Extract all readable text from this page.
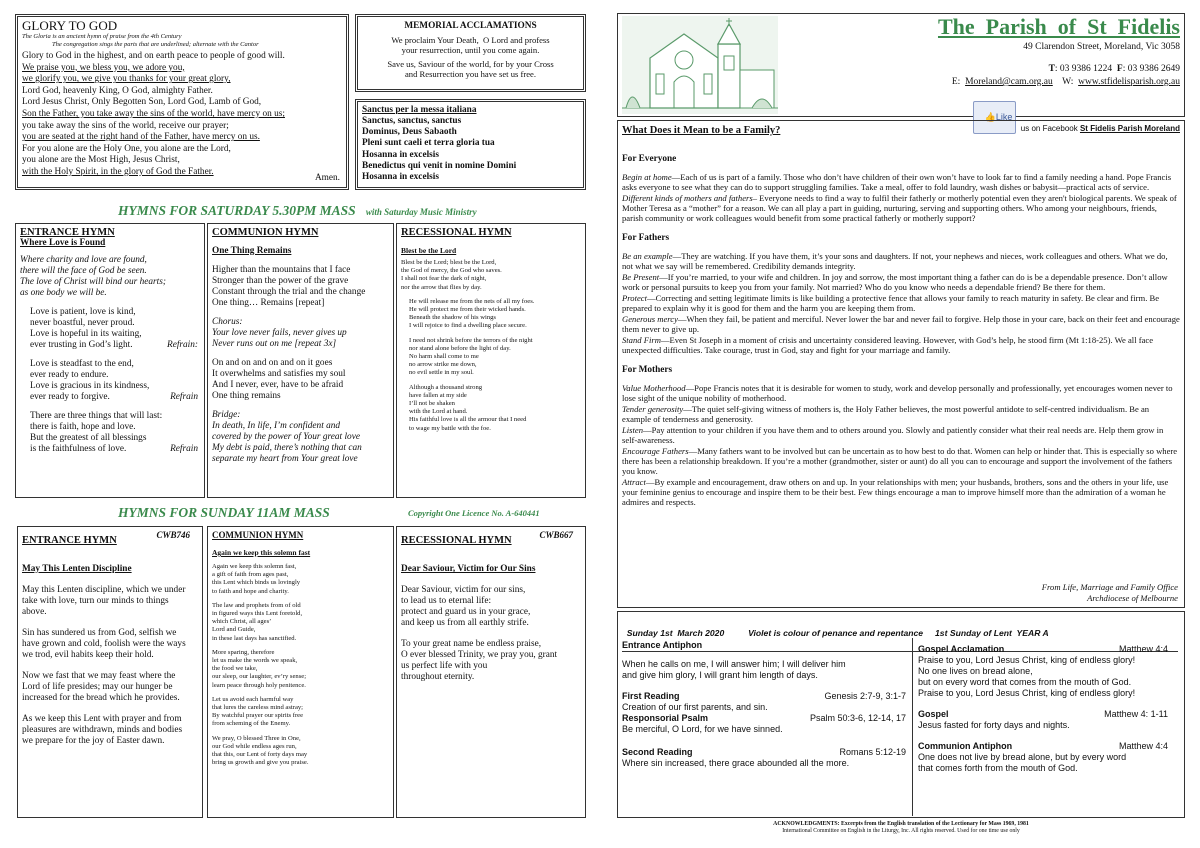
GLORY TO GOD
The Gloria is an ancient hymn of praise from the 4th Century
The congregation sings the parts that are underlined; alternate with the Cantor
Glory to God in the highest, and on earth peace to people of good will.
We praise you, we bless you, we adore you,
we glorify you, we give you thanks for your great glory,
Lord God, heavenly King, O God, almighty Father.
Lord Jesus Christ, Only Begotten Son, Lord God, Lamb of God,
Son the Father, you take away the sins of the world, have mercy on us;
you take away the sins of the world, receive our prayer;
you are seated at the right hand of the Father, have mercy on us.
For you alone are the Holy One, you alone are the Lord,
you alone are the Most High, Jesus Christ,
with the Holy Spirit, in the glory of God the Father.
Amen.
MEMORIAL ACCLAMATIONS
We proclaim Your Death,  O Lord and profess
your resurrection, until you come again.
Save us, Saviour of the world, for by your Cross
and Resurrection you have set us free.
Sanctus per la messa italiana
Sanctus, sanctus, sanctus
Dominus, Deus Sabaoth
Pleni sunt caeli et terra gloria tua
Hosanna in excelsis
Benedictus qui venit in nomine Domini
Hosanna in excelsis
HYMNS FOR SATURDAY 5.30PM MASS with Saturday Music Ministry
ENTRANCE HYMN
Where Love is Found
Where charity and love are found,
there will the face of God be seen.
The love of Christ will bind our hearts;
as one body we will be.
Love is patient, love is kind,
never boastful, never proud.
Love is hopeful in its waiting,
ever trusting in God’s light.	Refrain:
Love is steadfast to the end,
ever ready to endure.
Love is gracious in its kindness,
ever ready to forgive.	Refrain
There are three things that will last:
there is faith, hope and love.
But the greatest of all blessings
is the faithfulness of love.	Refrain
COMMUNION HYMN
One Thing Remains
Higher than the mountains that I face
Stronger than the power of the grave
Constant through the trial and the change
One thing… Remains [repeat]
Chorus:
Your love never fails, never gives up
Never runs out on me [repeat 3x]
On and on and on and on it goes
It overwhelms and satisfies my soul
And I never, ever, have to be afraid
One thing remains
Bridge:
In death, In life, I’m confident and
covered by the power of Your great love
My debt is paid, there’s nothing that can
separate my heart from Your great love
RECESSIONAL HYMN
Blest be the Lord
Blest be the Lord; blest be the Lord,
the God of mercy, the God who saves.
I shall not fear the dark of night,
nor the arrow that flies by day.
He will release me from the nets of all my foes.
He will protect me from their wicked hands.
Beneath the shadow of his wings
I will rejoice to find a dwelling place secure.
I need not shrink before the terrors of the night
nor stand alone before the light of day.
No harm shall come to me
no arrow strike me down,
no evil settle in my soul.
Although a thousand strong
have fallen at my side
I’ll not be shaken
with the Lord at hand.
His faithful love is all the armour that I need
to wage my battle with the foe.
HYMNS FOR SUNDAY 11AM MASS	Copyright One Licence No. A-640441
ENTRANCE HYMN	CWB746
May This Lenten Discipline
May this Lenten discipline, which we under
take with love, turn our minds to things
above.
Sin has sundered us from God, selfish we
have grown and cold, foolish were the ways
we trod, evil habits keep their hold.
Now we fast that we may feast where the
Lord of life presides; may our hunger be
increased for the bread which he provides.
As we keep this Lent with prayer and from
pleasures are withdrawn, minds and bodies
we prepare for the joy of Easter dawn.
COMMUNION HYMN
Again we keep this solemn fast
Again we keep this solemn fast,
a gift of faith from ages past,
this Lent which binds us lovingly
to faith and hope and charity.
The law and prophets from of old
in figured ways this Lent foretold,
which Christ, all ages’
Lord and Guide,
in these last days has sanctified.
More sparing, therefore
let us make the words we speak,
the food we take,
our sleep, our laughter, ev’ry sense;
learn peace through holy penitence.
Let us avoid each harmful way
that lures the careless mind astray;
By watchful prayer our spirits free
from scheming of the Enemy.
We pray, O blessed Three in One,
our God while endless ages run,
that this, our Lent of forty days may
bring us growth and give you praise.
RECESSIONAL HYMN	CWB667
Dear Saviour, Victim for Our Sins
Dear Saviour, victim for our sins,
to lead us to eternal life:
protect and guard us in your grace,
and keep us from all earthly strife.
To your great name be endless praise,
O ever blessed Trinity, we pray you, grant
us perfect life with you
throughout eternity.
The  Parish  of  St  Fidelis
49 Clarendon Street, Moreland, Vic 3058

T: 03 9386 1224 F: 03 9386 2649

E: Moreland@cam.org.au W: www.stfidelisparish.org.au

👍Like
us on Facebook St Fidelis Parish Moreland

What Does it Mean to be a Family?
For Everyone
Begin at home—Each of us is part of a family. Those who don’t have children of their own won’t have to look far to find a family needing a hand. Pope Francis asks everyone to see what they can do to support struggling families. Take a meal, offer to fold laundry, wash dishes or babysit—practical acts of service.
Different kinds of mothers and fathers– Everyone needs to find a way to fulfil their fatherly or motherly potential even they aren't biological parents. We speak of Mother Teresa as a “mother” for a reason. We can all play a part in guiding, nurturing, serving and supporting others. Who among your neighbours, friends, parish community or work colleagues would benefit from some practical fatherly or motherly support?
For Fathers
Be an example—They are watching. If you have them, it’s your sons and daughters. If not, your nephews and nieces, work colleagues and others. What we do, not what we say will be remembered. Credibility demands integrity.
Be Present—If you’re married, to your wife and children. In joy and sorrow, the most important thing a father can do is be a dependable presence. Don’t allow work or personal pursuits to keep you from your family. Not married? Who do you know who needs a dependable friend? Be there for them.
Protect—Correcting and setting legitimate limits is like building a protective fence that allows your family to reach maturity in safety. Be clear and firm. Be prepared to explain why it is good for them and the harm you are keeping them from.
Generous mercy—When they fail, be patient and merciful. Never lower the bar and never fail to forgive. Help those in your care, back on their feet and encourage them never to give up.
Stand Firm—Even St Joseph in a moment of crisis and uncertainty considered leaving. However, with God’s help, he stood firm (Mt 1:18-25). We all face unexpected difficulties. Take courage, trust in God, stay and fight for your marriage and family.
For Mothers
Value Motherhood—Pope Francis notes that it is desirable for women to study, work and develop personally and professionally, yet encourages women never to lose sight of the unique nobility of motherhood.
Tender generosity—The quiet self-giving witness of mothers is, the Holy Father believes, the most powerful antidote to self-centred individualism. Be an example of tenderness and generosity.
Listen—Pay attention to your children if you have them and to others around you. Slowly and patiently consider what their real needs are. Help them grow in self-awareness.
Encourage Fathers—Many fathers want to be involved but can be uncertain as to how best to do that. Women can help or hinder that. This is especially so where there has been a relationship breakdown. If you’re a mother (grandmother, sister or aunt) do all you can to encourage and support the involvement of the fathers you know.
Attract—By example and encouragement, draw others on and up. In your relationships with men; your husbands, brothers, sons and the others in your life, use your feminine genius to encourage and inspire them to be their best. Few things encourage a man to improve himself more than the admiration of a woman he admires and respects.
From Life, Marriage and Family Office
Archdiocese of Melbourne

Sunday 1st  March 2020	Violet is colour of penance and repentance 1st Sunday of Lent  YEAR A

Entrance Antiphon
When he calls on me, I will answer him; I will deliver him
and give him glory, I will grant him length of days.
First Reading	Genesis 2:7-9, 3:1-7
Creation of our first parents, and sin.
Responsorial Psalm	Psalm 50:3-6, 12-14, 17
Be merciful, O Lord, for we have sinned.
Second Reading	Romans 5:12-19
Where sin increased, there grace abounded all the more.
Gospel Acclamation	Matthew 4:4
Praise to you, Lord Jesus Christ, king of endless glory!
No one lives on bread alone,
but on every word that comes from the mouth of God.
Praise to you, Lord Jesus Christ, king of endless glory!
Gospel	Matthew 4: 1-11
Jesus fasted for forty days and nights.
Communion Antiphon	Matthew 4:4
One does not live by bread alone, but by every word
that comes forth from the mouth of God.
ACKNOWLEDGMENTS: Excerpts from the English translation of the Lectionary for Mass 1969, 1981
International Committee on English in the Liturgy, Inc. All rights reserved. Used for one time use only
